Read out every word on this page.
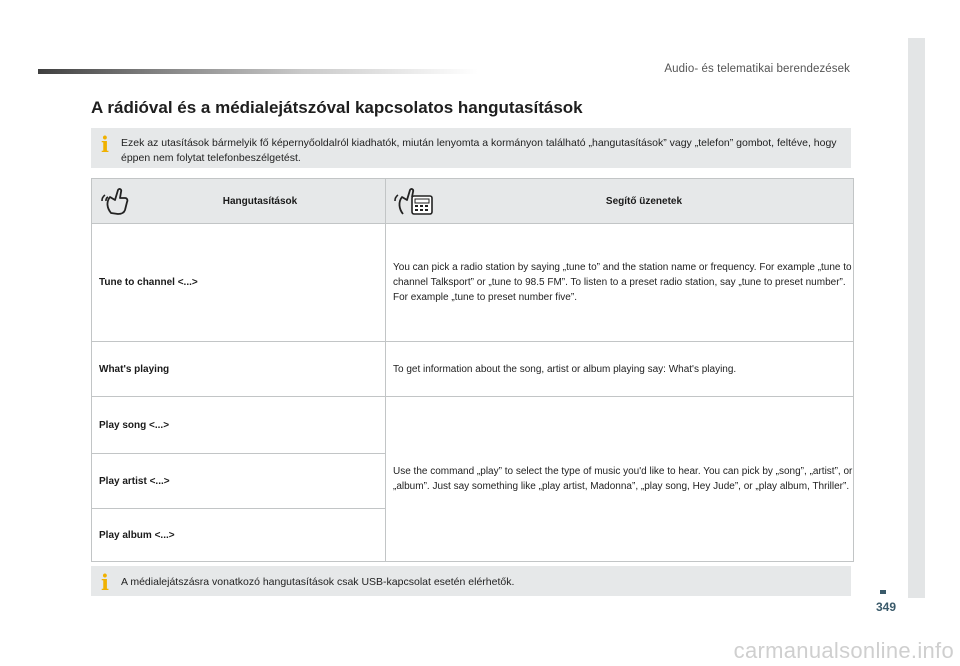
Audio- és telematikai berendezések
A rádióval és a médialejátszóval kapcsolatos hangutasítások
i Ezek az utasítások bármelyik fő képernyőoldalról kiadhatók, miután lenyomta a kormányon található „hangutasítások” vagy „telefon” gombot, feltéve, hogy éppen nem folytat telefonbeszélgetést.
Hangutasítások	Segítő üzenetek

Tune to channel <...>	You can pick a radio station by saying „tune to” and the station name or frequency. For example „tune to channel Talksport” or „tune to 98.5 FM”. To listen to a preset radio station, say „tune to preset number”. For example „tune to preset number five”.
What's playing	To get information about the song, artist or album playing say: What's playing.
Play song <...>	Use the command „play” to select the type of music you'd like to hear. You can pick by „song”, „artist”, or „album”. Just say something like „play artist, Madonna”, „play song, Hey Jude”, or „play album, Thriller”.
Play artist <...>	
Play album <...>	
i A médialejátszásra vonatkozó hangutasítások csak USB-kapcsolat esetén elérhetők.
349
carmanualsonline.info
